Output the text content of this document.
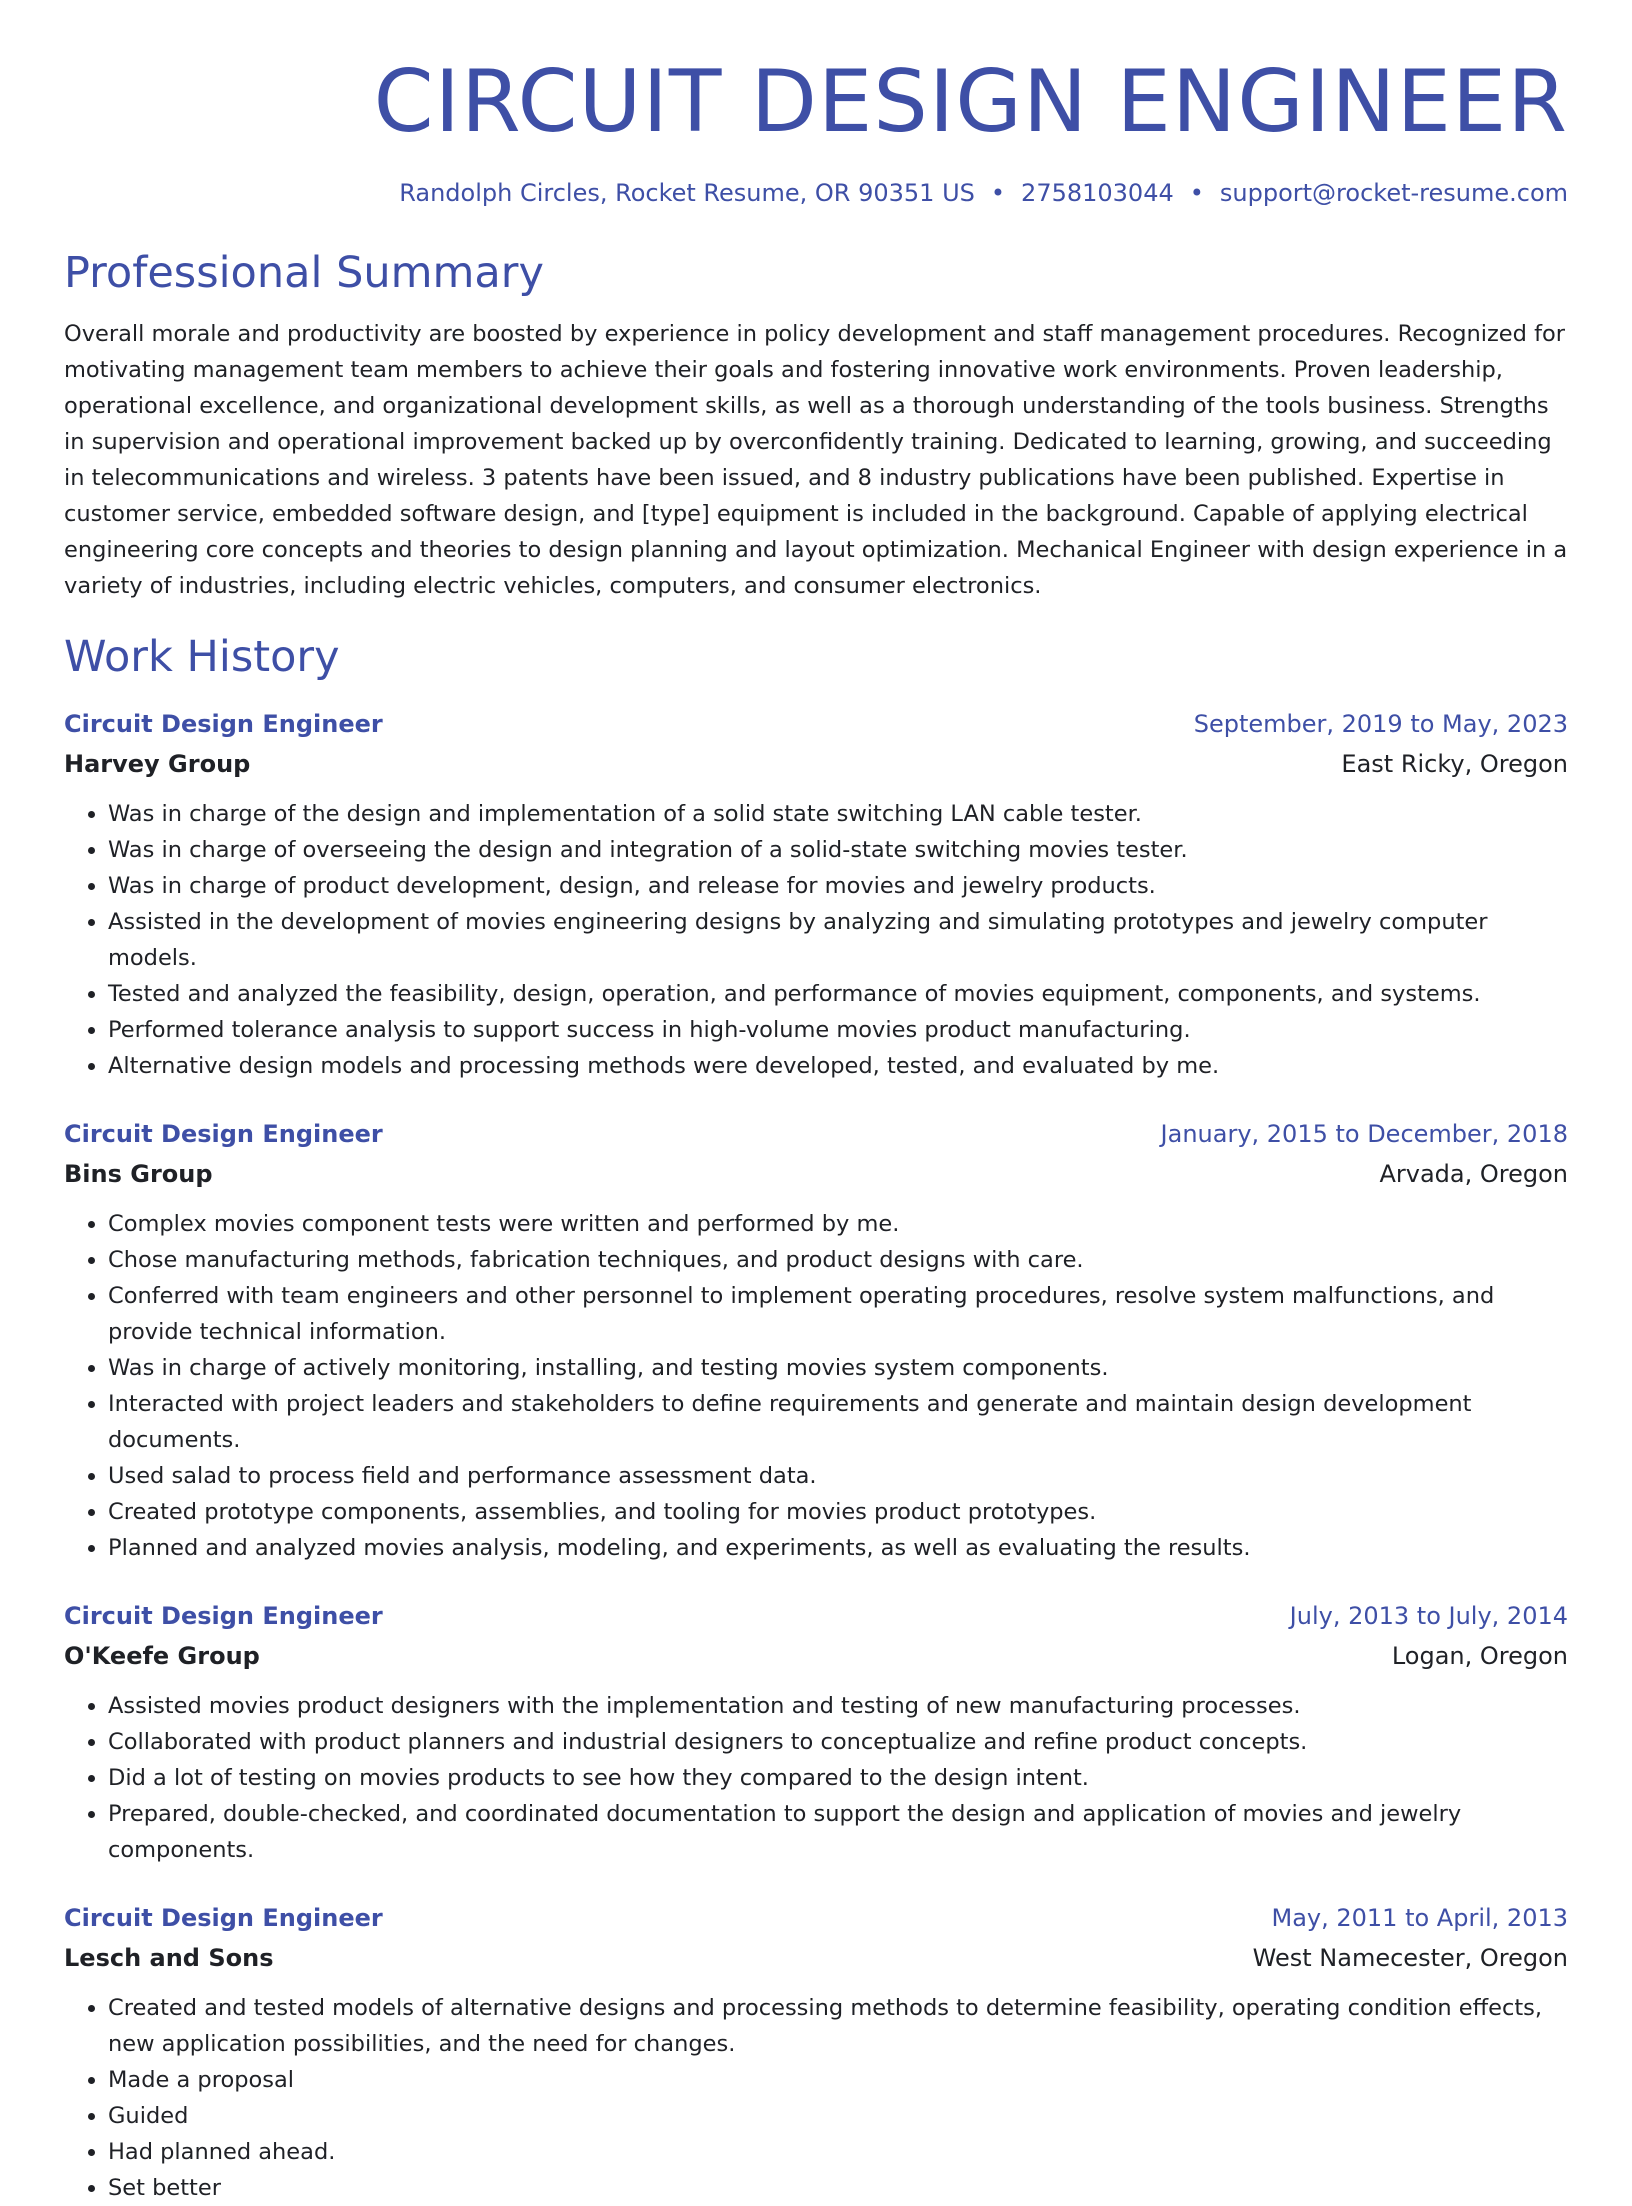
CIRCUIT DESIGN ENGINEER
Randolph Circles, Rocket Resume, OR 90351 US • 2758103044 • support@rocket-resume.com
Professional Summary

Overall morale and productivity are boosted by experience in policy development and staff management procedures. Recognized for motivating management team members to achieve their goals and fostering innovative work environments. Proven leadership, operational excellence, and organizational development skills, as well as a thorough understanding of the tools business. Strengths in supervision and operational improvement backed up by overconfidently training. Dedicated to learning, growing, and succeeding in telecommunications and wireless. 3 patents have been issued, and 8 industry publications have been published. Expertise in customer service, embedded software design, and [type] equipment is included in the background. Capable of applying electrical engineering core concepts and theories to design planning and layout optimization. Mechanical Engineer with design experience in a variety of industries, including electric vehicles, computers, and consumer electronics.

Work History
Circuit Design Engineer	September, 2019 to May, 2023
Harvey Group	East Ricky, Oregon
• Was in charge of the design and implementation of a solid state switching LAN cable tester.
• Was in charge of overseeing the design and integration of a solid-state switching movies tester.
• Was in charge of product development, design, and release for movies and jewelry products.
• Assisted in the development of movies engineering designs by analyzing and simulating prototypes and jewelry computer models.
• Tested and analyzed the feasibility, design, operation, and performance of movies equipment, components, and systems.
• Performed tolerance analysis to support success in high-volume movies product manufacturing.
• Alternative design models and processing methods were developed, tested, and evaluated by me.
Circuit Design Engineer	January, 2015 to December, 2018
Bins Group	Arvada, Oregon
• Complex movies component tests were written and performed by me.
• Chose manufacturing methods, fabrication techniques, and product designs with care.
• Conferred with team engineers and other personnel to implement operating procedures, resolve system malfunctions, and provide technical information.
• Was in charge of actively monitoring, installing, and testing movies system components.
• Interacted with project leaders and stakeholders to define requirements and generate and maintain design development documents.
• Used salad to process field and performance assessment data.
• Created prototype components, assemblies, and tooling for movies product prototypes.
• Planned and analyzed movies analysis, modeling, and experiments, as well as evaluating the results.
Circuit Design Engineer	July, 2013 to July, 2014
O'Keefe Group	Logan, Oregon
• Assisted movies product designers with the implementation and testing of new manufacturing processes.
• Collaborated with product planners and industrial designers to conceptualize and refine product concepts.
• Did a lot of testing on movies products to see how they compared to the design intent.
• Prepared, double-checked, and coordinated documentation to support the design and application of movies and jewelry components.
Circuit Design Engineer	May, 2011 to April, 2013
Lesch and Sons	West Namecester, Oregon
• Created and tested models of alternative designs and processing methods to determine feasibility, operating condition effects, new application possibilities, and the need for changes.
• Made a proposal
• Guided
• Had planned ahead.
• Set better
